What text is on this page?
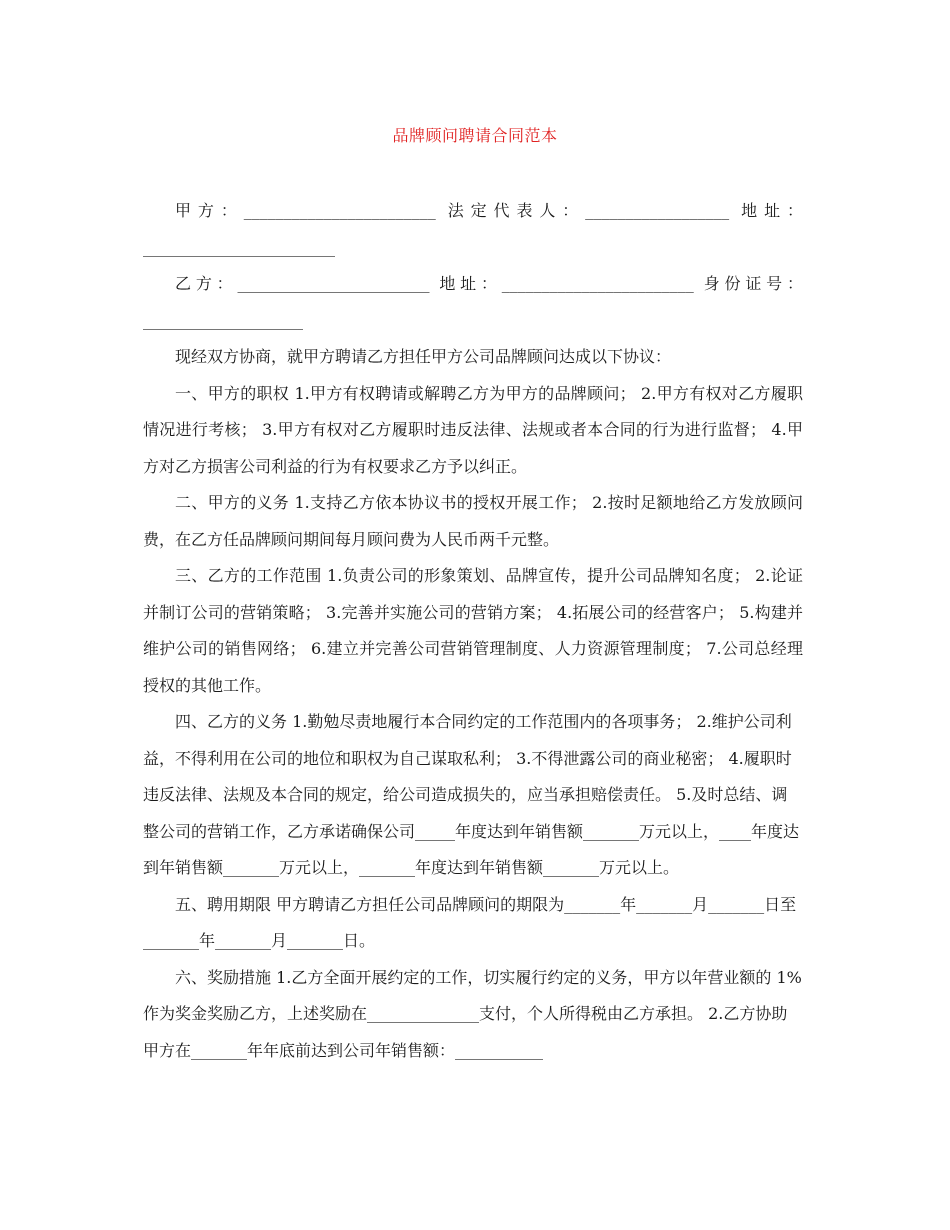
品牌顾问聘请合同范本

甲方：________________________ 法定代表人：__________________ 地址：________________________

乙方：________________________ 地址：________________________ 身份证号：____________________

现经双方协商，就甲方聘请乙方担任甲方公司品牌顾问达成以下协议：

一、甲方的职权 1.甲方有权聘请或解聘乙方为甲方的品牌顾问； 2.甲方有权对乙方履职情况进行考核； 3.甲方有权对乙方履职时违反法律、法规或者本合同的行为进行监督； 4.甲方对乙方损害公司利益的行为有权要求乙方予以纠正。

二、甲方的义务 1.支持乙方依本协议书的授权开展工作； 2.按时足额地给乙方发放顾问费，在乙方任品牌顾问期间每月顾问费为人民币两千元整。

三、乙方的工作范围 1.负责公司的形象策划、品牌宣传，提升公司品牌知名度； 2.论证并制订公司的营销策略； 3.完善并实施公司的营销方案； 4.拓展公司的经营客户； 5.构建并维护公司的销售网络； 6.建立并完善公司营销管理制度、人力资源管理制度； 7.公司总经理授权的其他工作。

四、乙方的义务 1.勤勉尽责地履行本合同约定的工作范围内的各项事务； 2.维护公司利益，不得利用在公司的地位和职权为自己谋取私利； 3.不得泄露公司的商业秘密； 4.履职时违反法律、法规及本合同的规定，给公司造成损失的，应当承担赔偿责任。 5.及时总结、调整公司的营销工作，乙方承诺确保公司_____年度达到年销售额_______万元以上，____年度达到年销售额_______万元以上，_______年度达到年销售额_______万元以上。

五、聘用期限 甲方聘请乙方担任公司品牌顾问的期限为_______年_______月_______日至_______年_______月_______日。

六、奖励措施 1.乙方全面开展约定的工作，切实履行约定的义务，甲方以年营业额的 1%作为奖金奖励乙方，上述奖励在______________支付，个人所得税由乙方承担。 2.乙方协助甲方在_______年年底前达到公司年销售额：___________
